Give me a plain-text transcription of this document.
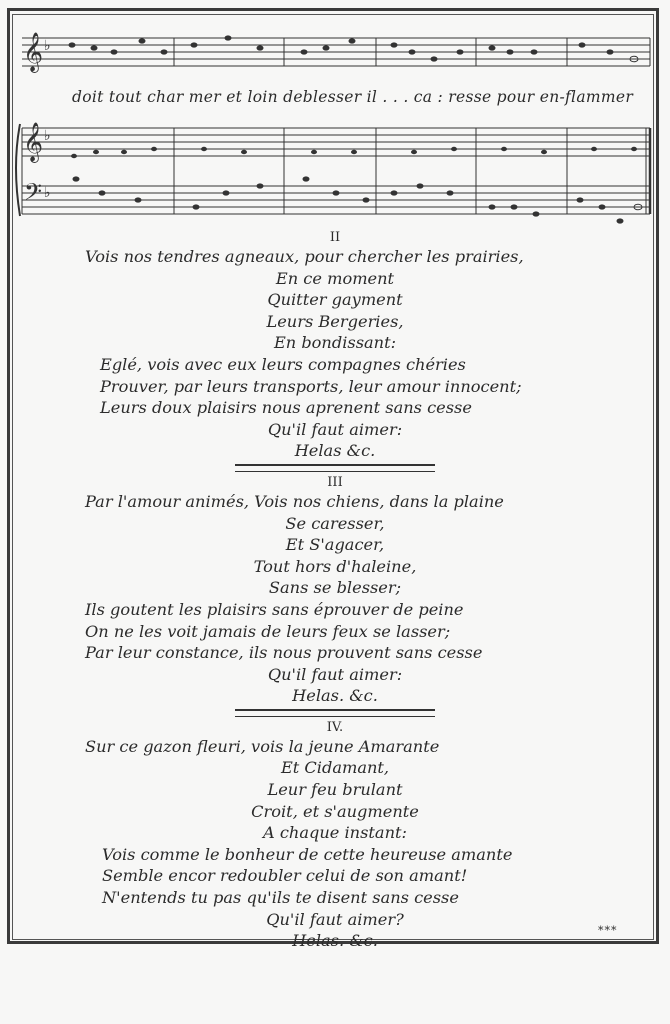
𝄞
𝄞
𝄢
♭
♭
♭
doit tout char mer et loin deblesser il . . . ca : resse pour en-flammer
II
Vois nos tendres agneaux, pour chercher les prairies,
En ce moment
Quitter gayment
Leurs Bergeries,
En bondissant:
Eglé, vois avec eux leurs compagnes chéries
Prouver, par leurs transports, leur amour innocent;
Leurs doux plaisirs nous aprenent sans cesse
Qu'il faut aimer:
Helas &c.
III
Par l'amour animés, Vois nos chiens, dans la plaine
Se caresser,
Et S'agacer,
Tout hors d'haleine,
Sans se blesser;
Ils goutent les plaisirs sans éprouver de peine
On ne les voit jamais de leurs feux se lasser;
Par leur constance, ils nous prouvent sans cesse
Qu'il faut aimer:
Helas. &c.
IV.
Sur ce gazon fleuri, vois la jeune Amarante
Et Cidamant,
Leur feu brulant
Croit, et s'augmente
A chaque instant:
Vois comme le bonheur de cette heureuse amante
Semble encor redoubler celui de son amant!
N'entends tu pas qu'ils te disent sans cesse
Qu'il faut aimer?
Helas. &c.
***
